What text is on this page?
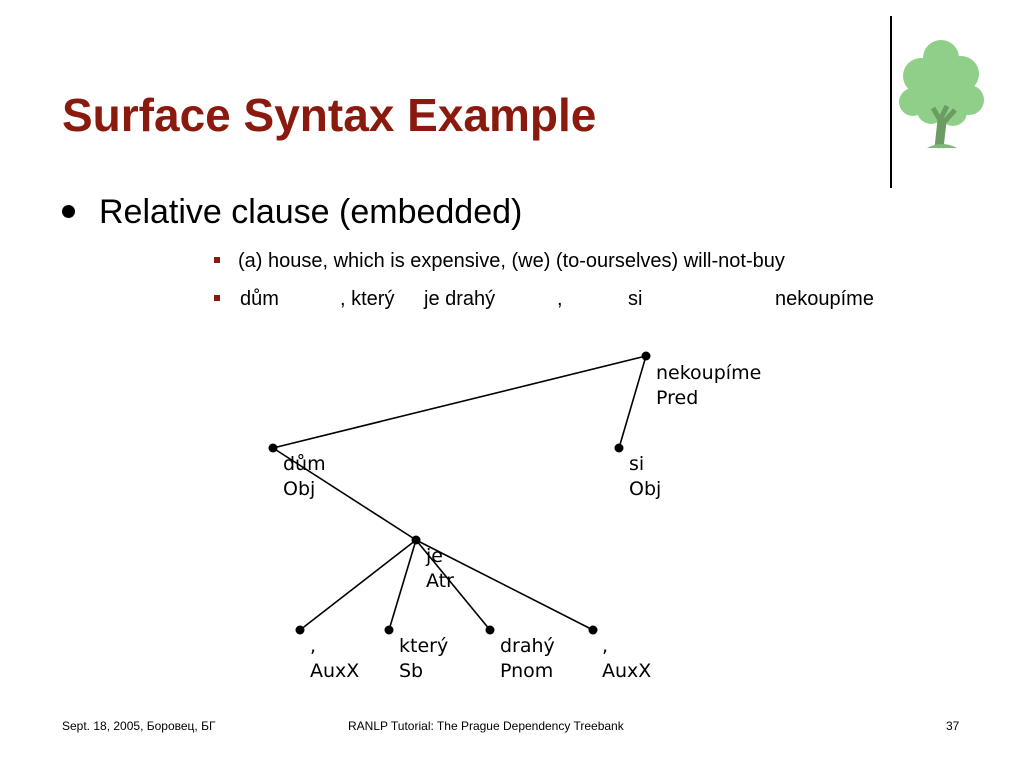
Surface Syntax Example
Relative clause (embedded)
(a) house, which is expensive, (we) (to-ourselves) will-not-buy
dům	, který je drahý	,	si	nekoupíme
nekoupíme
Pred
dům
Obj
si
Obj
je
Atr
,
AuxX
který
Sb
drahý
Pnom
,
AuxX
Sept. 18, 2005, Боровец, БГ	RANLP Tutorial: The Prague Dependency Treebank	37
